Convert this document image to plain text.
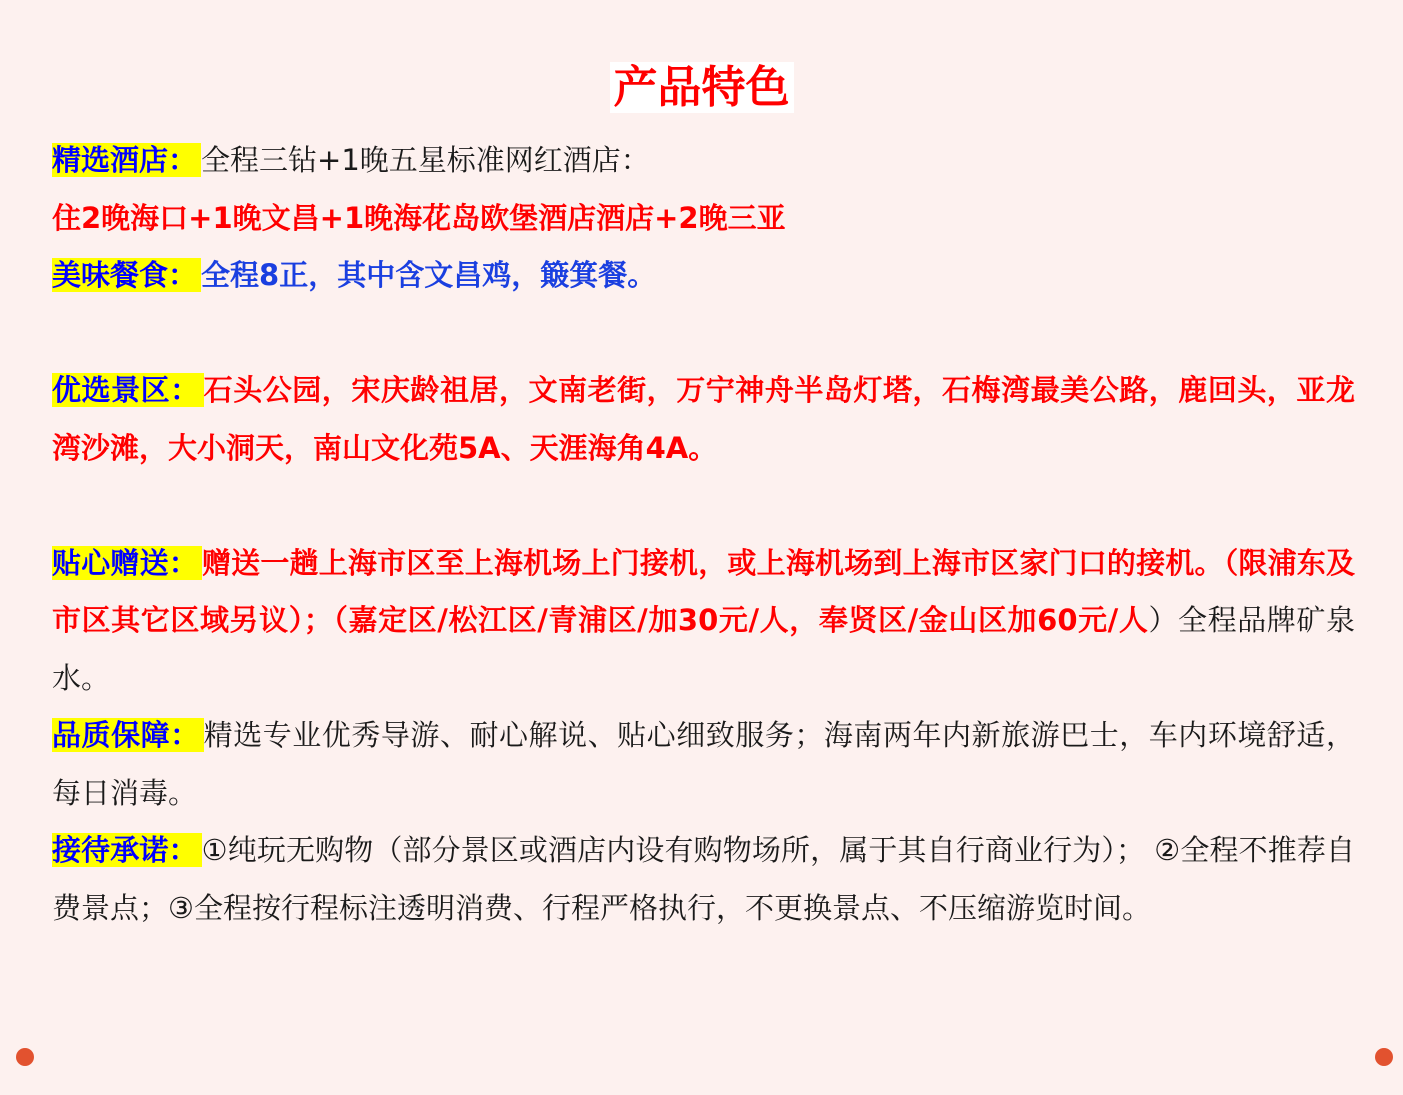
产品特色

精选酒店： 全程三钻+1晚五星标准网红酒店：

住2晚海口+1晚文昌+1晚海花岛欧堡酒店酒店+2晚三亚

美味餐食： 全程8正，其中含文昌鸡，簸箕餐。

优选景区： 石头公园，宋庆龄祖居，文南老街，万宁神舟半岛灯塔，石梅湾最美公路，鹿回头，亚龙湾沙滩，大小洞天，南山文化苑5A、天涯海角4A。

贴心赠送： 赠送一趟上海市区至上海机场上门接机，或上海机场到上海市区家门口的接机。（限浦东及市区其它区域另议）；（嘉定区/松江区/青浦区/加30元/人，奉贤区/金山区加60元/人）全程品牌矿泉水。

品质保障： 精选专业优秀导游、耐心解说、贴心细致服务；海南两年内新旅游巴士，车内环境舒适，每日消毒。

接待承诺： ①纯玩无购物（部分景区或酒店内设有购物场所，属于其自行商业行为）； ②全程不推荐自费景点；③全程按行程标注透明消费、行程严格执行，不更换景点、不压缩游览时间。
